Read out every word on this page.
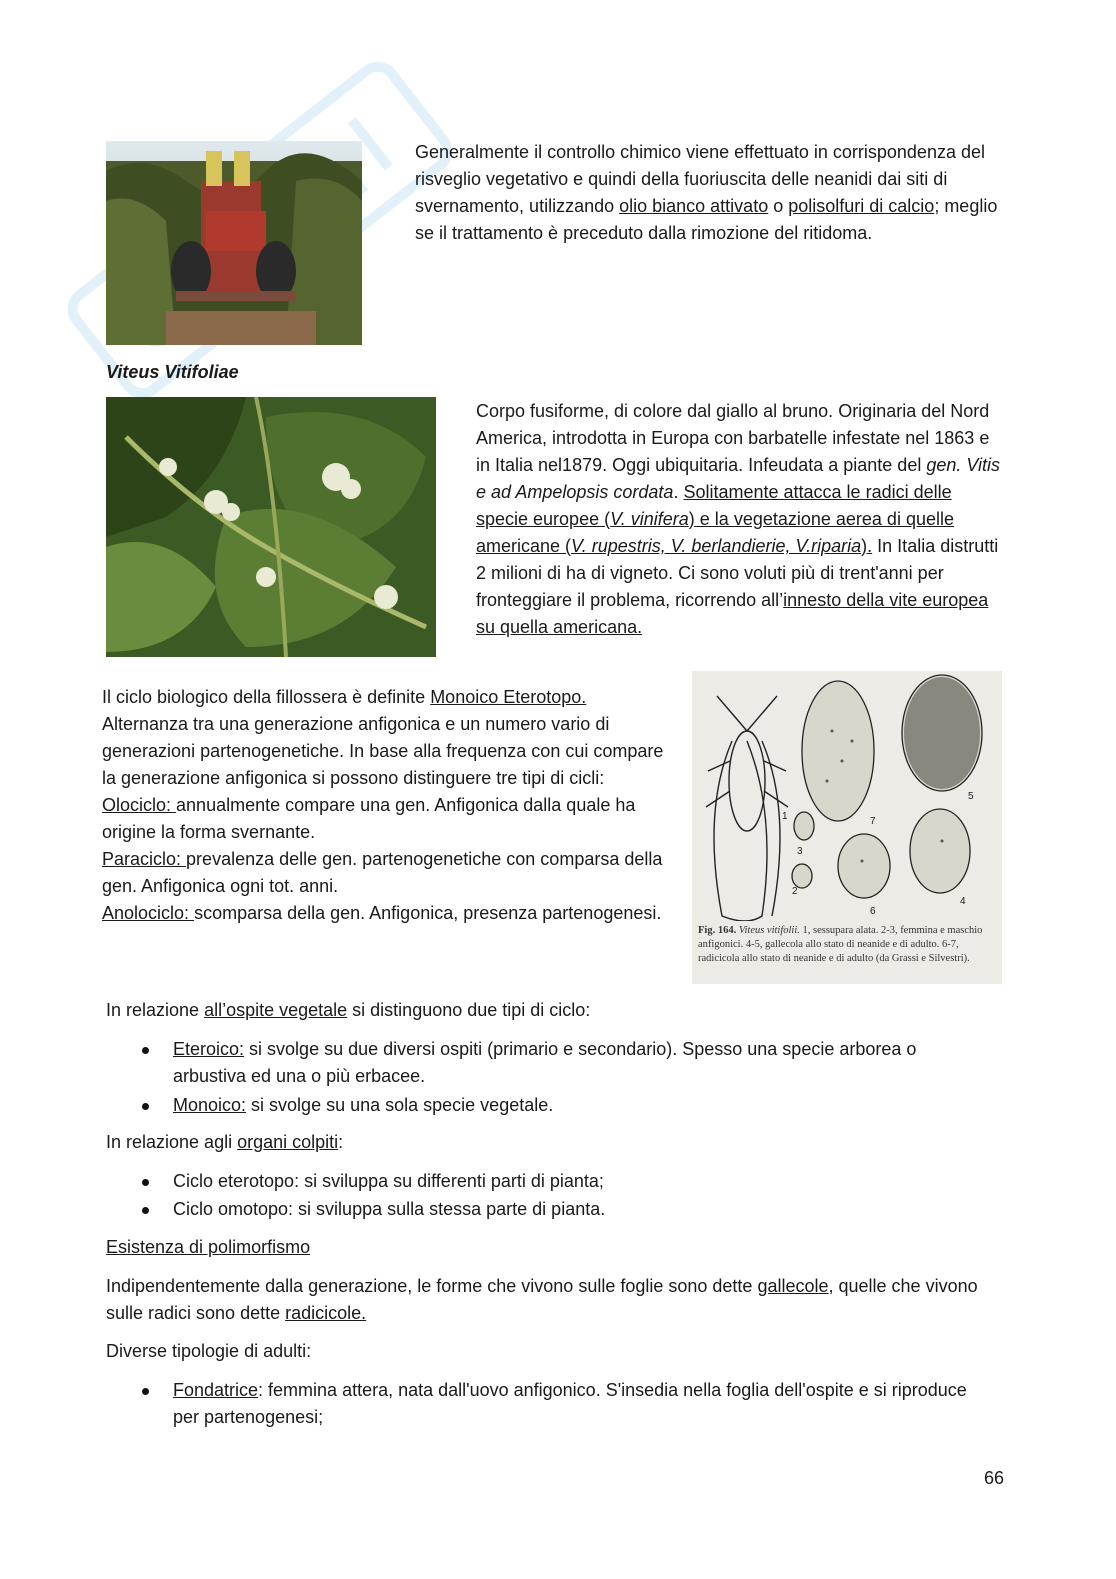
Generalmente il controllo chimico viene effettuato in corrispondenza del risveglio vegetativo e quindi della fuoriuscita delle neanidi dai siti di svernamento, utilizzando olio bianco attivato o polisolfuri di calcio; meglio se il trattamento è preceduto dalla rimozione del ritidoma.
Viteus Vitifoliae
Corpo fusiforme, di colore dal giallo al bruno. Originaria del Nord America, introdotta in Europa con barbatelle infestate nel 1863 e in Italia nel1879. Oggi ubiquitaria. Infeudata a piante del gen. Vitis e ad Ampelopsis cordata. Solitamente attacca le radici delle specie europee (V. vinifera) e la vegetazione aerea di quelle americane (V. rupestris, V. berlandierie, V.riparia). In Italia distrutti 2 milioni di ha di vigneto. Ci sono voluti più di trent'anni per fronteggiare il problema, ricorrendo all’innesto della vite europea su quella americana.
Il ciclo biologico della fillossera è definite Monoico Eterotopo.
Alternanza tra una generazione anfigonica e un numero vario di generazioni partenogenetiche. In base alla frequenza con cui compare la generazione anfigonica si possono distinguere tre tipi di cicli:
Olociclo: annualmente compare una gen. Anfigonica dalla quale ha origine la forma svernante.
Paraciclo: prevalenza delle gen. partenogenetiche con comparsa della gen. Anfigonica ogni tot. anni.
Anolociclo: scomparsa della gen. Anfigonica, presenza partenogenesi.
1
2
3
4
5
6
7
Fig. 164. Viteus vitifolii. 1, sessupara alata. 2-3, femmina e maschio anfigonici. 4-5, gallecola allo stato di neanide e di adulto. 6-7, radicicola allo stato di neanide e di adulto (da Grassi e Silvestri).
In relazione all’ospite vegetale si distinguono due tipi di ciclo:
Eteroico: si svolge su due diversi ospiti (primario e secondario). Spesso una specie arborea o arbustiva ed una o più erbacee.
Monoico: si svolge su una sola specie vegetale.
In relazione agli organi colpiti:
Ciclo eterotopo: si sviluppa su differenti parti di pianta;
Ciclo omotopo: si sviluppa sulla stessa parte di pianta.
Esistenza di polimorfismo
Indipendentemente dalla generazione, le forme che vivono sulle foglie sono dette gallecole, quelle che vivono sulle radici sono dette radicicole.
Diverse tipologie di adulti:
Fondatrice: femmina attera, nata dall'uovo anfigonico. S'insedia nella foglia dell'ospite e si riproduce per partenogenesi;
66
